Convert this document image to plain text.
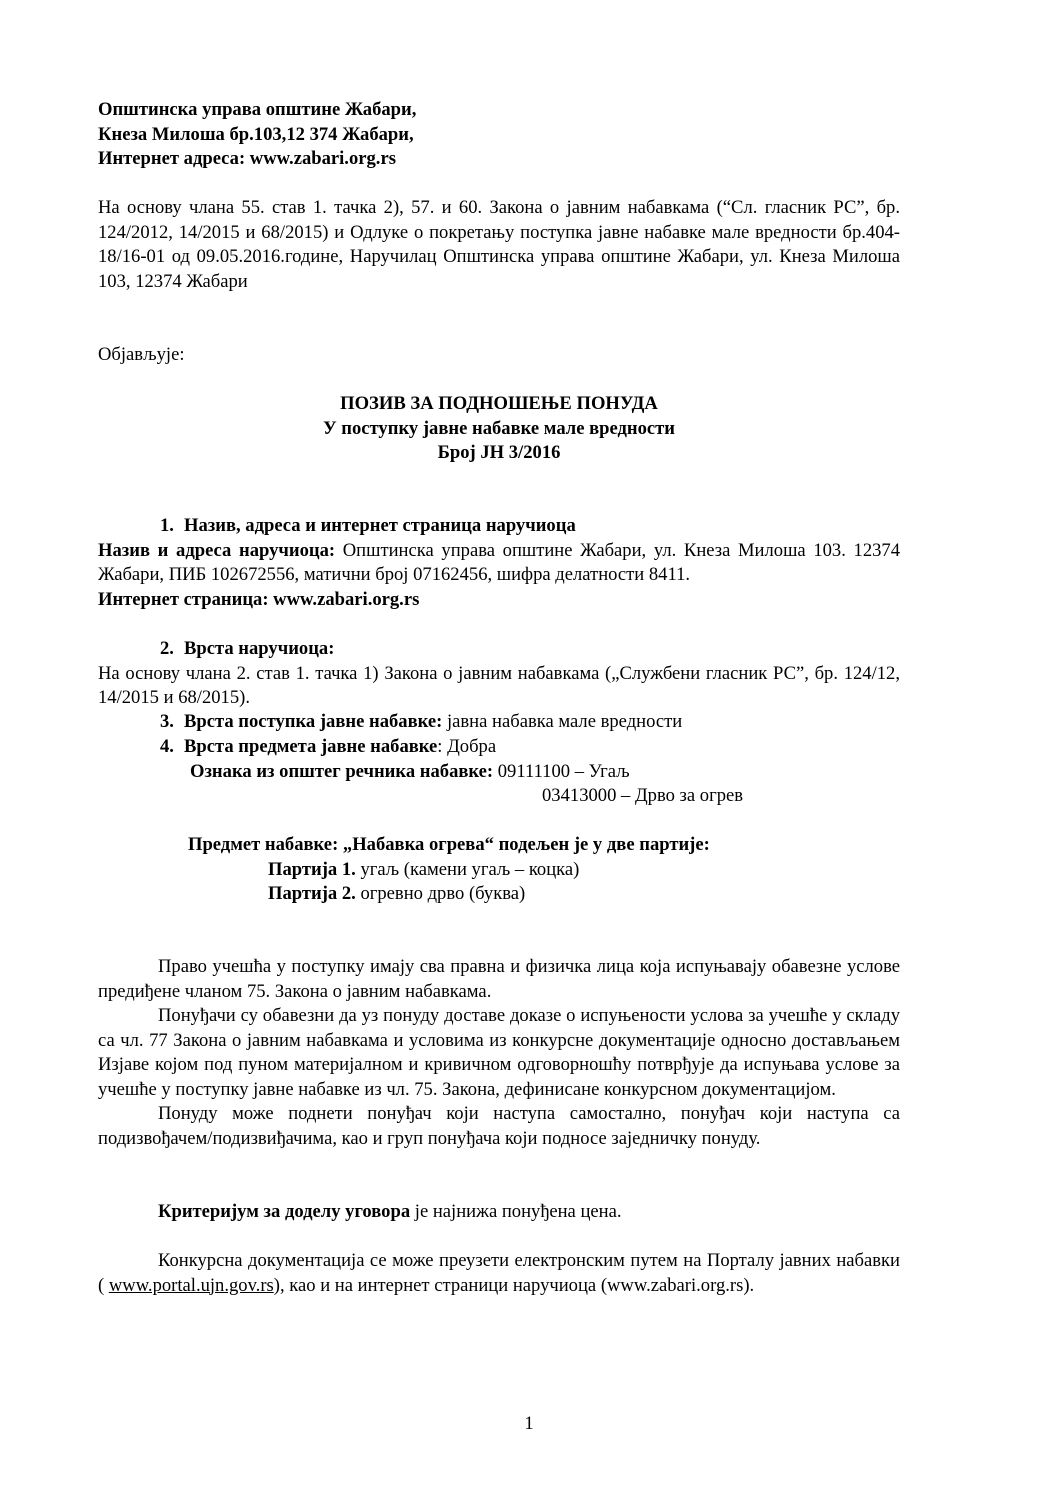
Општинска управа општине Жабари,

Кнеза Милоша бр.103,12 374 Жабари,

Интернет адреса: www.zabari.org.rs

На основу члана 55. став 1. тачка 2), 57. и 60. Закона о јавним набавкама (“Сл. гласник РС”, бр. 124/2012, 14/2015 и 68/2015) и Одлуке о покретању поступка јавне набавке мале вредности бр.404-18/16-01 од 09.05.2016.године, Наручилац Општинска управа општине Жабари, ул. Кнеза Милоша 103, 12374 Жабари

Објављује:

ПОЗИВ ЗА ПОДНОШЕЊЕ ПОНУДА

У поступку јавне набавке мале вредности

Број ЈН 3/2016

1. Назив, адреса и интернет страница наручиоца

Назив и адреса наручиоца: Општинска управа општине Жабари, ул. Кнеза Милоша 103. 12374 Жабари, ПИБ 102672556, матични број 07162456, шифра делатности 8411.

Интернет страница: www.zabari.org.rs

2. Врста наручиоца:

На основу члана 2. став 1. тачка 1) Закона о јавним набавкама („Службени гласник РС”, бр. 124/12, 14/2015 и 68/2015).

3. Врста поступка јавне набавке: јавна набавка мале вредности

4. Врста предмета јавне набавке: Добра

Ознака из општег речника набавке: 09111100 – Угаљ

03413000 – Дрво за огрев

Предмет набавке: „Набавка огрева“ подељен је у две партије:

Партија 1. угаљ (камени угаљ – коцка)

Партија 2. огревно дрво (буква)

Право учешћа у поступку имају сва правна и физичка лица која испуњавају обавезне услове предиђене чланом 75. Закона о јавним набавкама.

Понуђачи су обавезни да уз понуду доставе доказе о испуњености услова за учешће у складу са чл. 77 Закона о јавним набавкама и условима из конкурсне документације односно достављањем Изјаве којом под пуном материјалном и кривичном одговорношћу потврђује да испуњава услове за учешће у поступку јавне набавке из чл. 75. Закона, дефинисане конкурсном документацијом.

Понуду може поднети понуђач који наступа самостално, понуђач који наступа са подизвођачем/подизвиђачима, као и груп понуђача који подносе заједничку понуду.

Критеријум за доделу уговора је најнижа понуђена цена.

Конкурсна документација се може преузети електронским путем на Порталу јавних набавки ( www.portal.ujn.gov.rs), као и на интернет страници наручиоца (www.zabari.org.rs).

1
